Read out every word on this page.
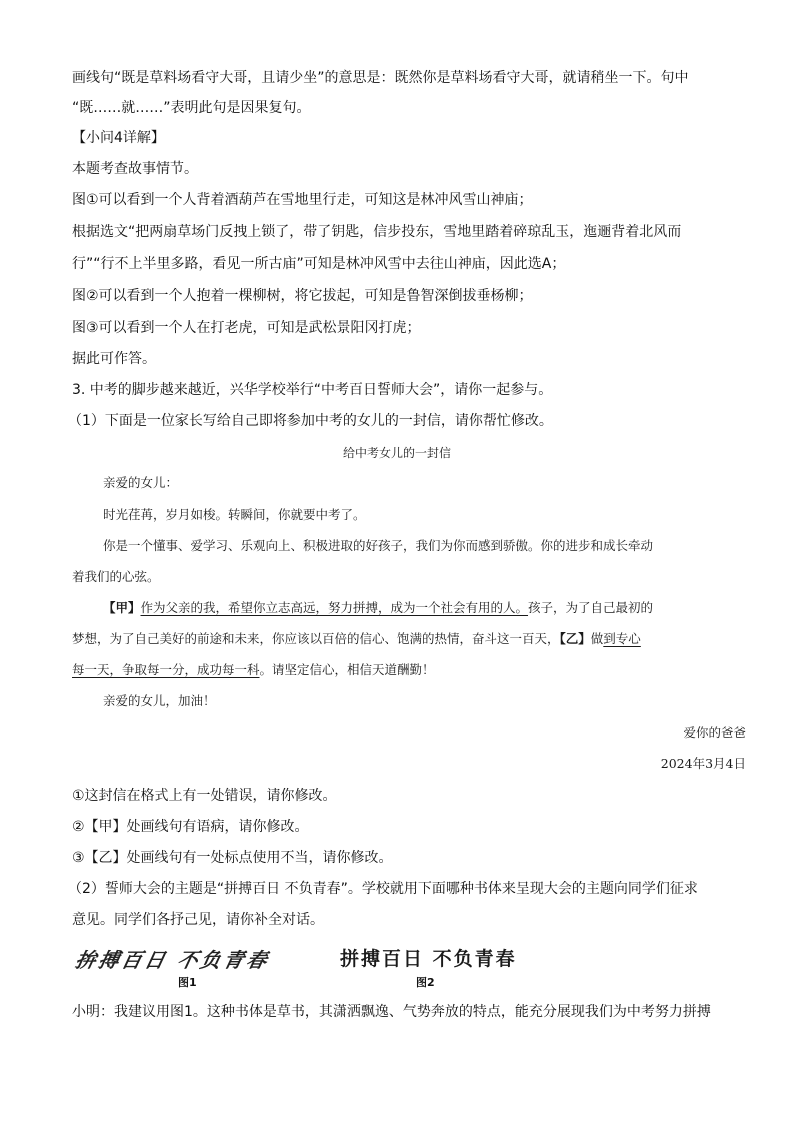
画线句“既是草料场看守大哥，且请少坐”的意思是：既然你是草料场看守大哥，就请稍坐一下。句中
“既……就……”表明此句是因果复句。
【小问4详解】
本题考查故事情节。
图①可以看到一个人背着酒葫芦在雪地里行走，可知这是林冲风雪山神庙；
根据选文“把两扇草场门反拽上锁了，带了钥匙，信步投东，雪地里踏着碎琼乱玉，迤逦背着北风而
行”“行不上半里多路，看见一所古庙”可知是林冲风雪中去往山神庙，因此选A；
图②可以看到一个人抱着一棵柳树，将它拔起，可知是鲁智深倒拔垂杨柳；
图③可以看到一个人在打老虎，可知是武松景阳冈打虎；
据此可作答。
3. 中考的脚步越来越近，兴华学校举行“中考百日誓师大会”，请你一起参与。
（1）下面是一位家长写给自己即将参加中考的女儿的一封信，请你帮忙修改。
给中考女儿的一封信
亲爱的女儿：
时光荏苒，岁月如梭。转瞬间，你就要中考了。
你是一个懂事、爱学习、乐观向上、积极进取的好孩子，我们为你而感到骄傲。你的进步和成长牵动
着我们的心弦。
【甲】作为父亲的我，希望你立志高远，努力拼搏，成为一个社会有用的人。孩子，为了自己最初的
梦想，为了自己美好的前途和未来，你应该以百倍的信心、饱满的热情，奋斗这一百天，【乙】做到专心
每一天，争取每一分，成功每一科。请坚定信心，相信天道酬勤！
亲爱的女儿，加油！
爱你的爸爸
2024年3月4日
①这封信在格式上有一处错误，请你修改。
②【甲】处画线句有语病，请你修改。
③【乙】处画线句有一处标点使用不当，请你修改。
（2）誓师大会的主题是“拼搏百日 不负青春”。学校就用下面哪种书体来呈现大会的主题向同学们征求
意见。同学们各抒己见，请你补全对话。
拚搏百日 不负青春
图1
拼搏百日 不负青春
图2
小明：我建议用图1。这种书体是草书，其潇洒飘逸、气势奔放的特点，能充分展现我们为中考努力拼搏
